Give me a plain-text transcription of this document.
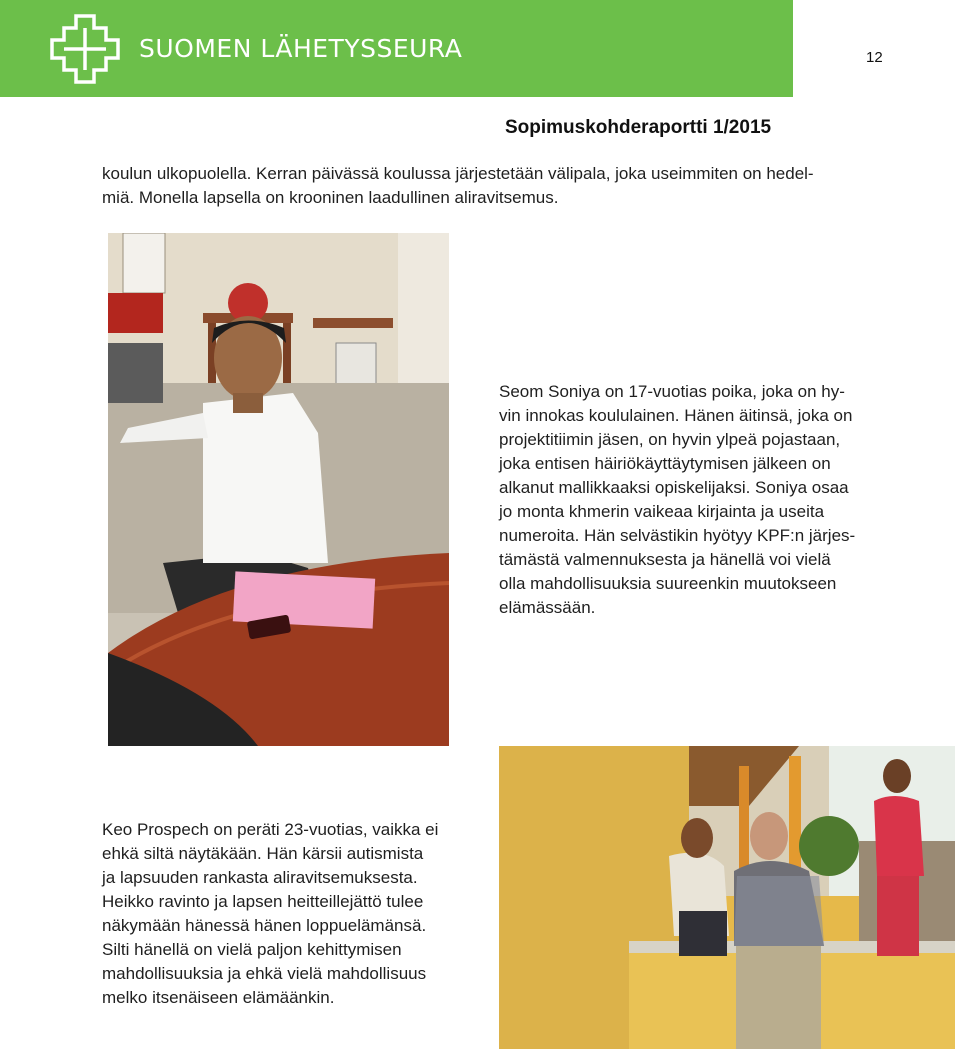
SUOMEN LÄHETYSSEURA	12
Sopimuskohderaportti 1/2015

koulun ulkopuolella. Kerran päivässä koulussa järjestetään välipala, joka useimmiten on hedel-
miä. Monella lapsella on krooninen laadullinen aliravitsemus.

Seom Soniya on 17-vuotias poika, joka on hy-
vin innokas koululainen. Hänen äitinsä, joka on
projektitiimin jäsen, on hyvin ylpeä pojastaan,
joka entisen häiriökäyttäytymisen jälkeen on
alkanut mallikkaaksi opiskelijaksi. Soniya osaa
jo monta khmerin vaikeaa kirjainta ja useita
numeroita. Hän selvästikin hyötyy KPF:n järjes-
tämästä valmennuksesta ja hänellä voi vielä
olla mahdollisuuksia suureenkin muutokseen
elämässään.

Keo Prospech on peräti 23-vuotias, vaikka ei
ehkä siltä näytäkään. Hän kärsii autismista
ja lapsuuden rankasta aliravitsemuksesta.
Heikko ravinto ja lapsen heitteillejättö tulee
näkymään hänessä hänen loppuelämänsä.
Silti hänellä on vielä paljon kehittymisen
mahdollisuuksia ja ehkä vielä mahdollisuus
melko itsenäiseen elämäänkin.
